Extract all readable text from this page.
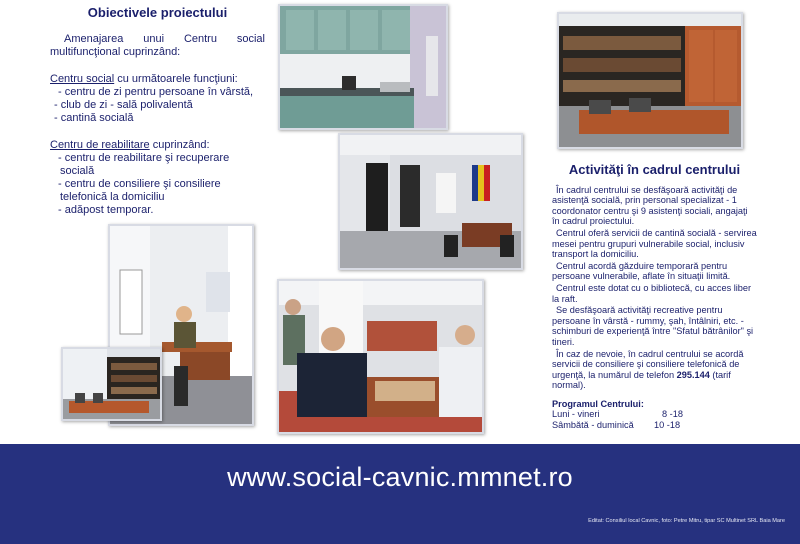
Obiectivele proiectului

Amenajarea unui Centru social multifuncţional cuprinzând:

Centru social cu următoarele funcţiuni:

- centru de zi pentru persoane în vârstă,

- club de zi - sală polivalentă

- cantină socială

Centru de reabilitare cuprinzând:

- centru de reabilitare şi recuperare socială

- centru de consiliere şi consiliere telefonică la domiciliu

- adăpost temporar.

Activităţi în cadrul centrului

În cadrul centrului se desfăşoară activităţi de asistenţă socială, prin personal specializat - 1 coordonator centru şi 9 asistenţi sociali, angajaţi în cadrul proiectului.

Centrul oferă servicii de cantină socială - servirea mesei pentru grupuri vulnerabile social, inclusiv transport la domiciliu.

Centrul acordă găzduire temporară pentru persoane vulnerabile, aflate în situaţii limită.

Centrul este dotat cu o bibliotecă, cu acces liber la raft.

Se desfăşoară activităţi recreative pentru persoane în vârstă - rummy, şah, întâlniri, etc. - schimburi de experienţă între "Sfatul bătrânilor" şi tineri.

În caz de nevoie, în cadrul centrului se acordă servicii de consiliere şi consiliere telefonică de urgenţă, la numărul de telefon 295.144 (tarif normal).

Programul Centrului:
Luni - vineri	8 -18
Sâmbătă - duminică	10 -18
www.social-cavnic.mmnet.ro
Editat: Consiliul local Cavnic, foto: Petre Mitru, tipar SC Multinet SRL Baia Mare
